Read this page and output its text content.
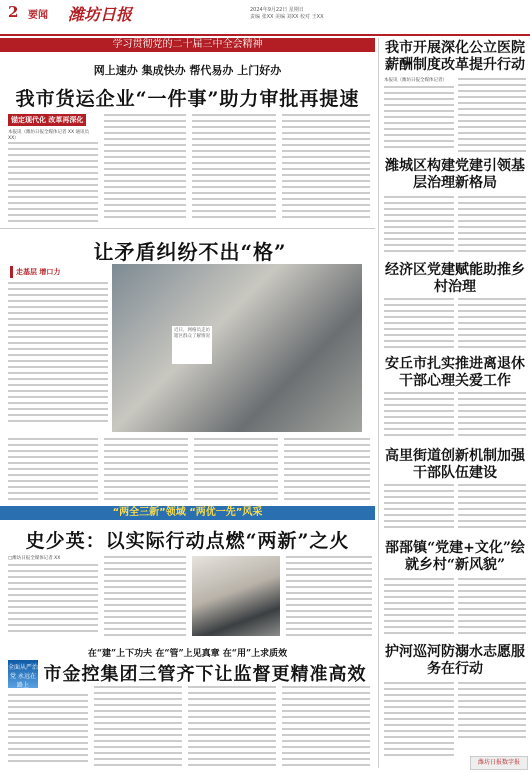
2 要闻 潍坊日报	2024年9月22日 星期日
责编 张XX 美编 刘XX 校对 王XX
学习贯彻党的二十届三中全会精神
网上速办 集成快办 帮代易办 上门好办
我市货运企业“一件事”助力审批再提速
锚定现代化 改革再深化
本报讯（潍坊日报全媒体记者 XX 通讯员 XX）
我市开展深化公立医院薪酬制度改革提升行动
本报讯（潍坊日报全媒体记者）
潍城区构建党建引领基层治理新格局
经济区党建赋能助推乡村治理
安丘市扎实推进离退休干部心理关爱工作
高里街道创新机制加强干部队伍建设
郚郚镇“党建+文化”绘就乡村“新风貌”
护河巡河防溺水志愿服务在行动
让矛盾纠纷不出“格”
走基层 增口力
近日，网格员走访辖区群众了解情况
“两全三新”领域 “两优一先”风采
史少英：以实际行动点燃“两新”之火
□潍坊日报全媒体记者 XX
在“建”上下功夫 在“管”上见真章 在“用”上求质效
市金控集团三管齐下让监督更精准高效
全面从严治党 永远在路上
潍坊日报数字报
